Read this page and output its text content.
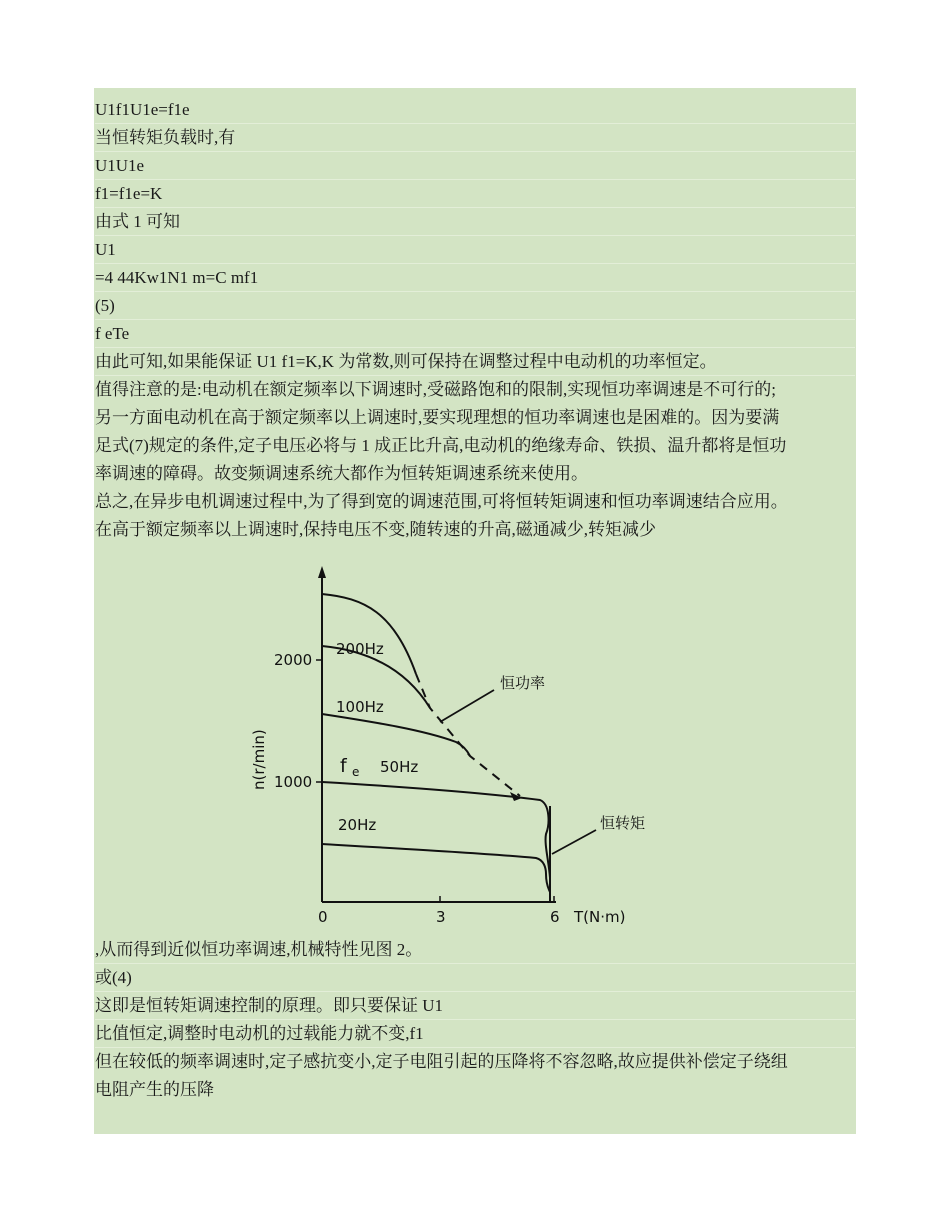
U1f1U1e=f1e
当恒转矩负载时,有
U1U1e
f1=f1e=K
由式 1 可知
U1
=4 44Kw1N1 m=C mf1
(5)
f eTe
由此可知,如果能保证 U1 f1=K,K 为常数,则可保持在调整过程中电动机的功率恒定。
值得注意的是:电动机在额定频率以下调速时,受磁路饱和的限制,实现恒功率调速是不可行的;
另一方面电动机在高于额定频率以上调速时,要实现理想的恒功率调速也是困难的。因为要满
足式(7)规定的条件,定子电压必将与 1 成正比升高,电动机的绝缘寿命、铁损、温升都将是恒功
率调速的障碍。故变频调速系统大都作为恒转矩调速系统来使用。
总之,在异步电机调速过程中,为了得到宽的调速范围,可将恒转矩调速和恒功率调速结合应用。
在高于额定频率以上调速时,保持电压不变,随转速的升高,磁通减少,转矩减少
2000
1000
n(r/min)
0	3	6 T(N·m)
200Hz
100Hz
f e 50Hz
20Hz
恒功率
恒转矩
,从而得到近似恒功率调速,机械特性见图 2。
或(4)
这即是恒转矩调速控制的原理。即只要保证 U1
比值恒定,调整时电动机的过载能力就不变,f1
但在较低的频率调速时,定子感抗变小,定子电阻引起的压降将不容忽略,故应提供补偿定子绕组
电阻产生的压降
